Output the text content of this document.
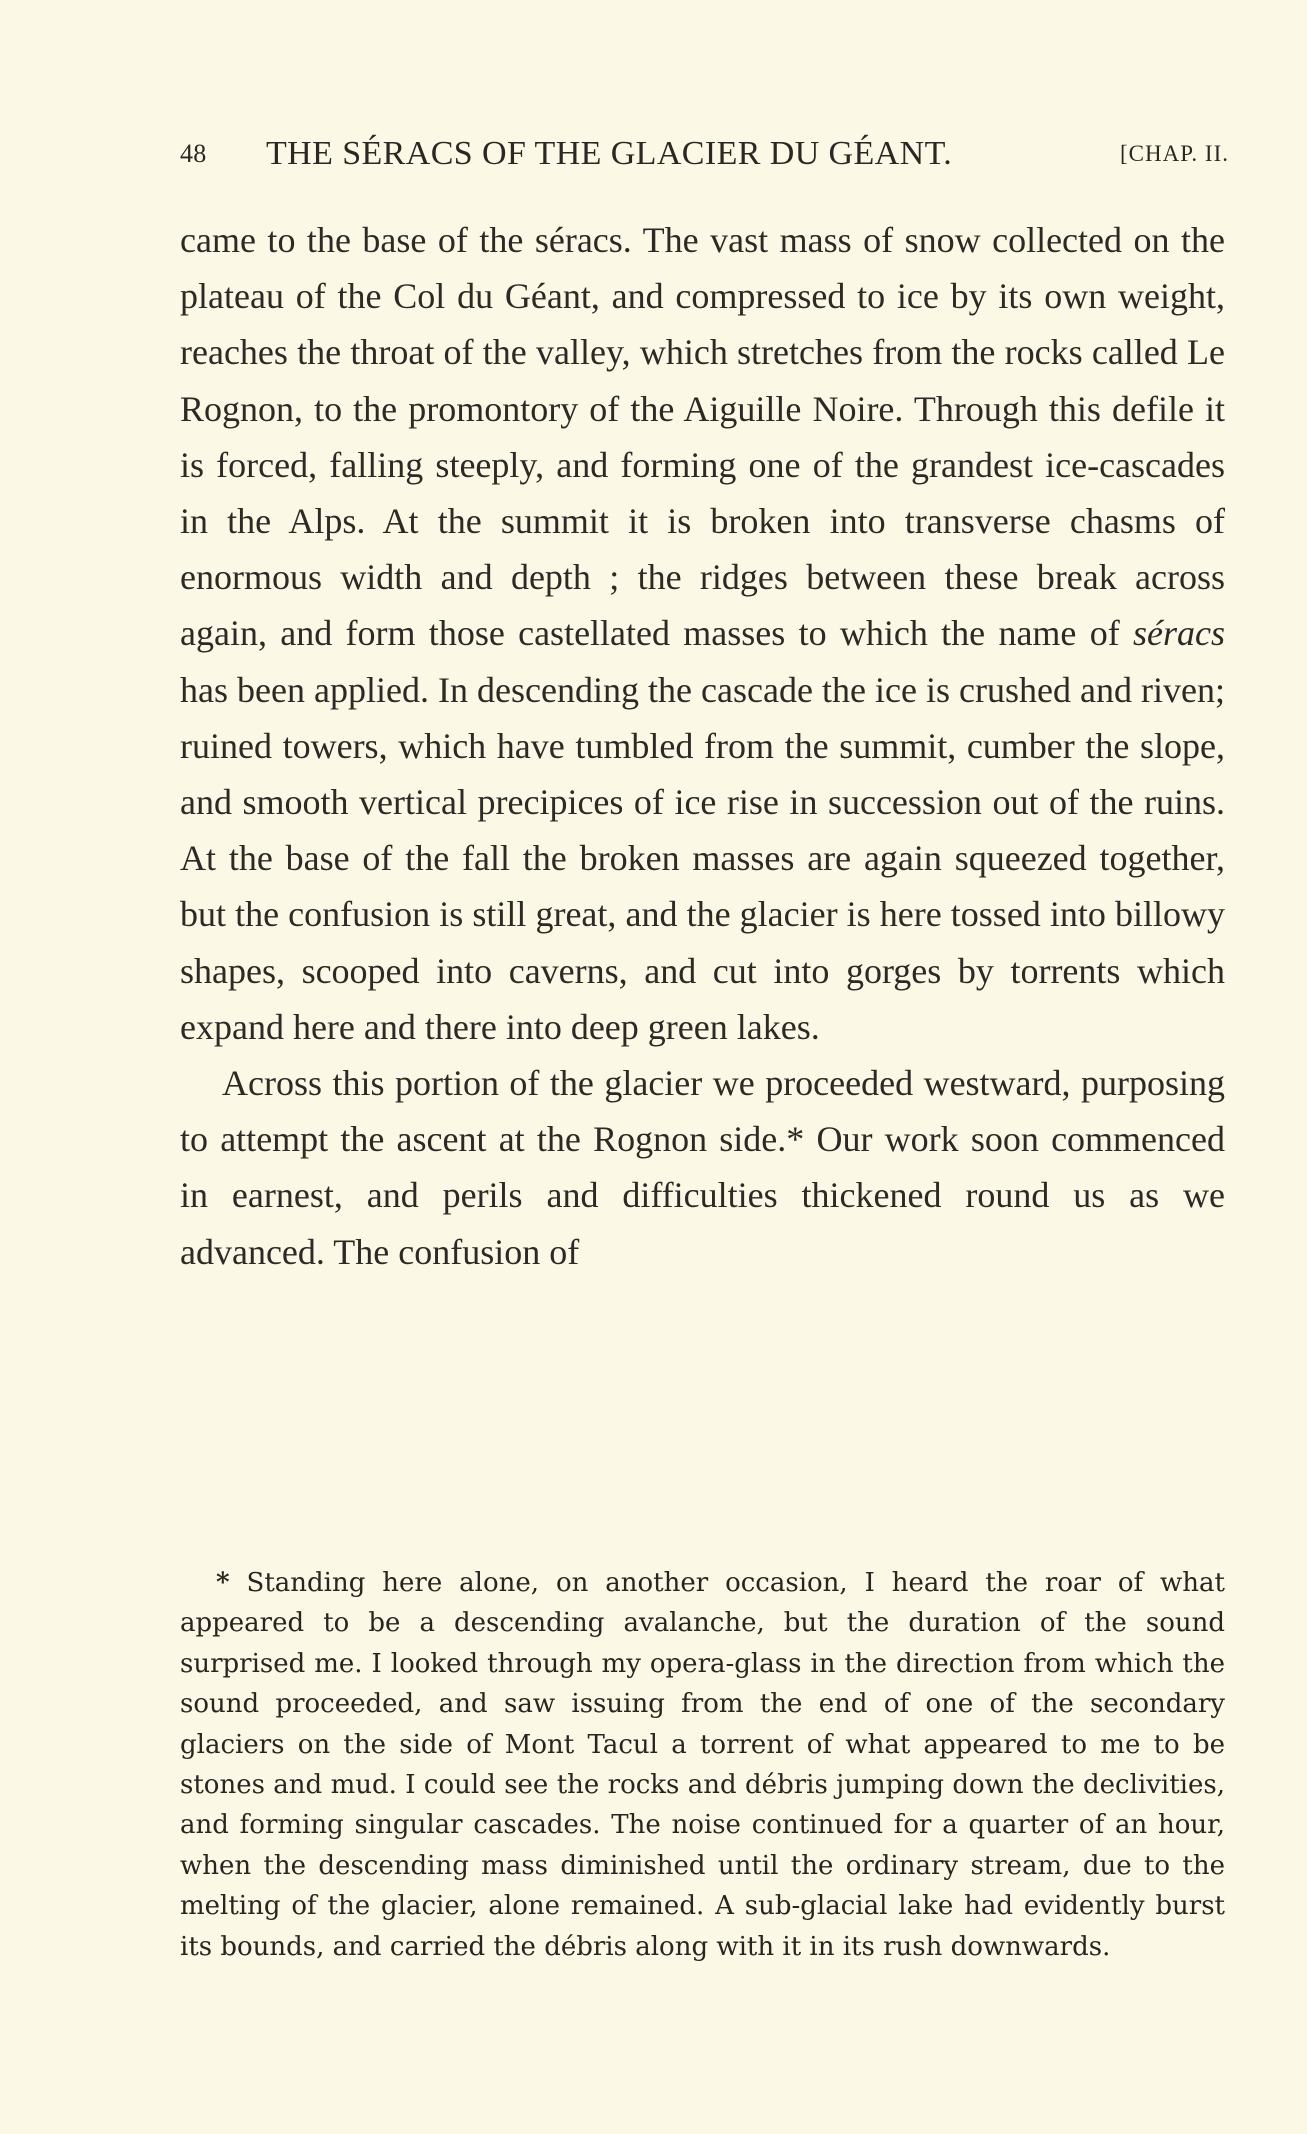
48 THE SÉRACS OF THE GLACIER DU GÉANT.	[CHAP. II.

came to the base of the séracs. The vast mass of snow collected on the plateau of the Col du Géant, and compressed to ice by its own weight, reaches the throat of the valley, which stretches from the rocks called Le Rognon, to the promontory of the Aiguille Noire. Through this defile it is forced, falling steeply, and forming one of the grandest ice-cascades in the Alps. At the summit it is broken into transverse chasms of enormous width and depth ; the ridges between these break across again, and form those castellated masses to which the name of séracs has been applied. In descending the cascade the ice is crushed and riven; ruined towers, which have tumbled from the summit, cumber the slope, and smooth vertical precipices of ice rise in succession out of the ruins. At the base of the fall the broken masses are again squeezed together, but the confusion is still great, and the glacier is here tossed into billowy shapes, scooped into caverns, and cut into gorges by torrents which expand here and there into deep green lakes.

Across this portion of the glacier we proceeded westward, purposing to attempt the ascent at the Rognon side.* Our work soon commenced in earnest, and perils and difficulties thickened round us as we advanced. The confusion of

* Standing here alone, on another occasion, I heard the roar of what appeared to be a descending avalanche, but the duration of the sound surprised me. I looked through my opera-glass in the direction from which the sound proceeded, and saw issuing from the end of one of the secondary glaciers on the side of Mont Tacul a torrent of what appeared to me to be stones and mud. I could see the rocks and débris jumping down the declivities, and forming singular cascades. The noise continued for a quarter of an hour, when the descending mass diminished until the ordinary stream, due to the melting of the glacier, alone remained. A sub-glacial lake had evidently burst its bounds, and carried the débris along with it in its rush downwards.
